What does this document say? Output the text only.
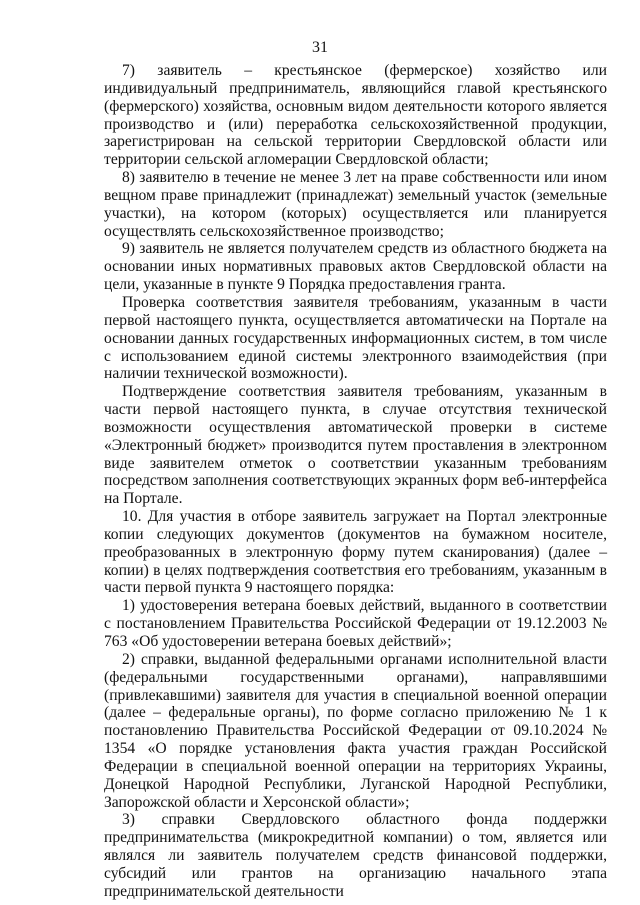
31

7) заявитель – крестьянское (фермерское) хозяйство или индивидуальный предприниматель, являющийся главой крестьянского (фермерского) хозяйства, основным видом деятельности которого является производство и (или) переработка сельскохозяйственной продукции, зарегистрирован на сельской территории Свердловской области или территории сельской агломерации Свердловской области;

8) заявителю в течение не менее 3 лет на праве собственности или ином вещном праве принадлежит (принадлежат) земельный участок (земельные участки), на котором (которых) осуществляется или планируется осуществлять сельскохозяйственное производство;

9) заявитель не является получателем средств из областного бюджета на основании иных нормативных правовых актов Свердловской области на цели, указанные в пункте 9 Порядка предоставления гранта.

Проверка соответствия заявителя требованиям, указанным в части первой настоящего пункта, осуществляется автоматически на Портале на основании данных государственных информационных систем, в том числе с использованием единой системы электронного взаимодействия (при наличии технической возможности).

Подтверждение соответствия заявителя требованиям, указанным в части первой настоящего пункта, в случае отсутствия технической возможности осуществления автоматической проверки в системе «Электронный бюджет» производится путем проставления в электронном виде заявителем отметок о соответствии указанным требованиям посредством заполнения соответствующих экранных форм веб-интерфейса на Портале.

10. Для участия в отборе заявитель загружает на Портал электронные копии следующих документов (документов на бумажном носителе, преобразованных в электронную форму путем сканирования) (далее – копии) в целях подтверждения соответствия его требованиям, указанным в части первой пункта 9 настоящего порядка:

1) удостоверения ветерана боевых действий, выданного в соответствии с постановлением Правительства Российской Федерации от 19.12.2003 № 763 «Об удостоверении ветерана боевых действий»;

2) справки, выданной федеральными органами исполнительной власти (федеральными государственными органами), направлявшими (привлекавшими) заявителя для участия в специальной военной операции (далее – федеральные органы), по форме согласно приложению № 1 к постановлению Правительства Российской Федерации от 09.10.2024 № 1354 «О порядке установления факта участия граждан Российской Федерации в специальной военной операции на территориях Украины, Донецкой Народной Республики, Луганской Народной Республики, Запорожской области и Херсонской области»;

3) справки Свердловского областного фонда поддержки предпринимательства (микрокредитной компании) о том, является или являлся ли заявитель получателем средств финансовой поддержки, субсидий или грантов на организацию начального этапа предпринимательской деятельности
